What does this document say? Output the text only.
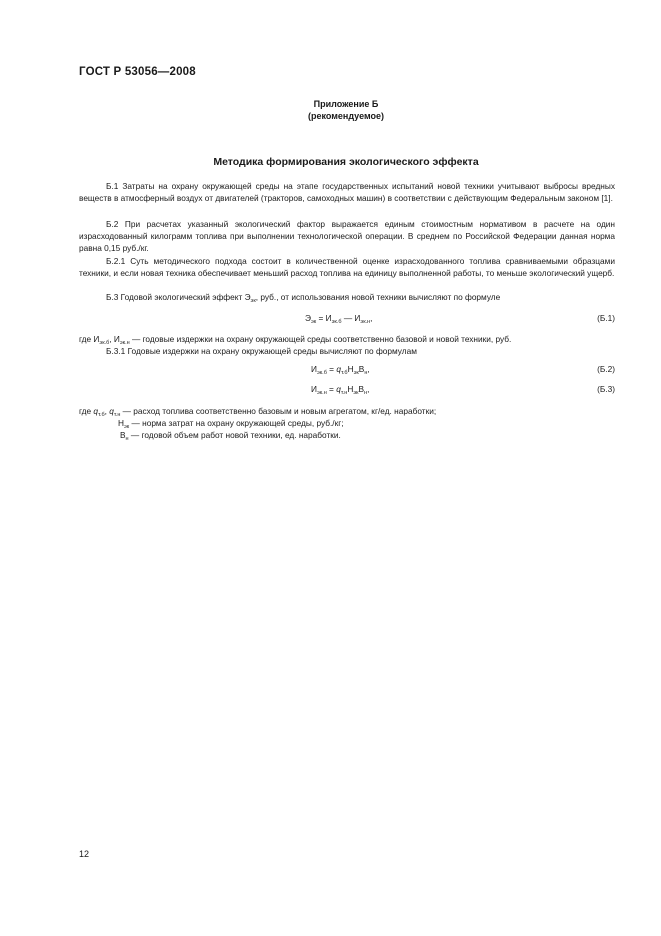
ГОСТ Р 53056—2008
Приложение Б
(рекомендуемое)
Методика формирования экологического эффекта
Б.1 Затраты на охрану окружающей среды на этапе государственных испытаний новой техники учитывают выбросы вредных веществ в атмосферный воздух от двигателей (тракторов, самоходных машин) в соответствии с действующим Федеральным законом [1].
Б.2 При расчетах указанный экологический фактор выражается единым стоимостным нормативом в расчете на один израсходованный килограмм топлива при выполнении технологической операции. В среднем по Российской Федерации данная норма равна 0,15 руб./кг.
Б.2.1 Суть методического подхода состоит в количественной оценке израсходованного топлива сравниваемыми образцами техники, и если новая техника обеспечивает меньший расход топлива на единицу выполненной работы, то меньше экологический ущерб.
Б.3 Годовой экологический эффект $Э_{эк}$, руб., от использования новой техники вычисляют по формуле
$Э_{эк} = И_{эк.б}$ — $И_{эк.н}$,	(Б.1)
где $И_{эк.б}$, $И_{эк.н}$ — годовые издержки на охрану окружающей среды соответственно базовой и новой техники, руб.
Б.3.1 Годовые издержки на охрану окружающей среды вычисляют по формулам
$И_{эк.б} = q_{т.б}Н_{эк}В_н$,	(Б.2)
$И_{эк.н} = q_{т.н}Н_{эк}В_н$,	(Б.3)
где $q_{т.б}$, $q_{т.н}$ — расход топлива соответственно базовым и новым агрегатом, кг/ед. наработки;
$Н_{эк}$ — норма затрат на охрану окружающей среды, руб./кг;
$В_н$ — годовой объем работ новой техники, ед. наработки.
12
